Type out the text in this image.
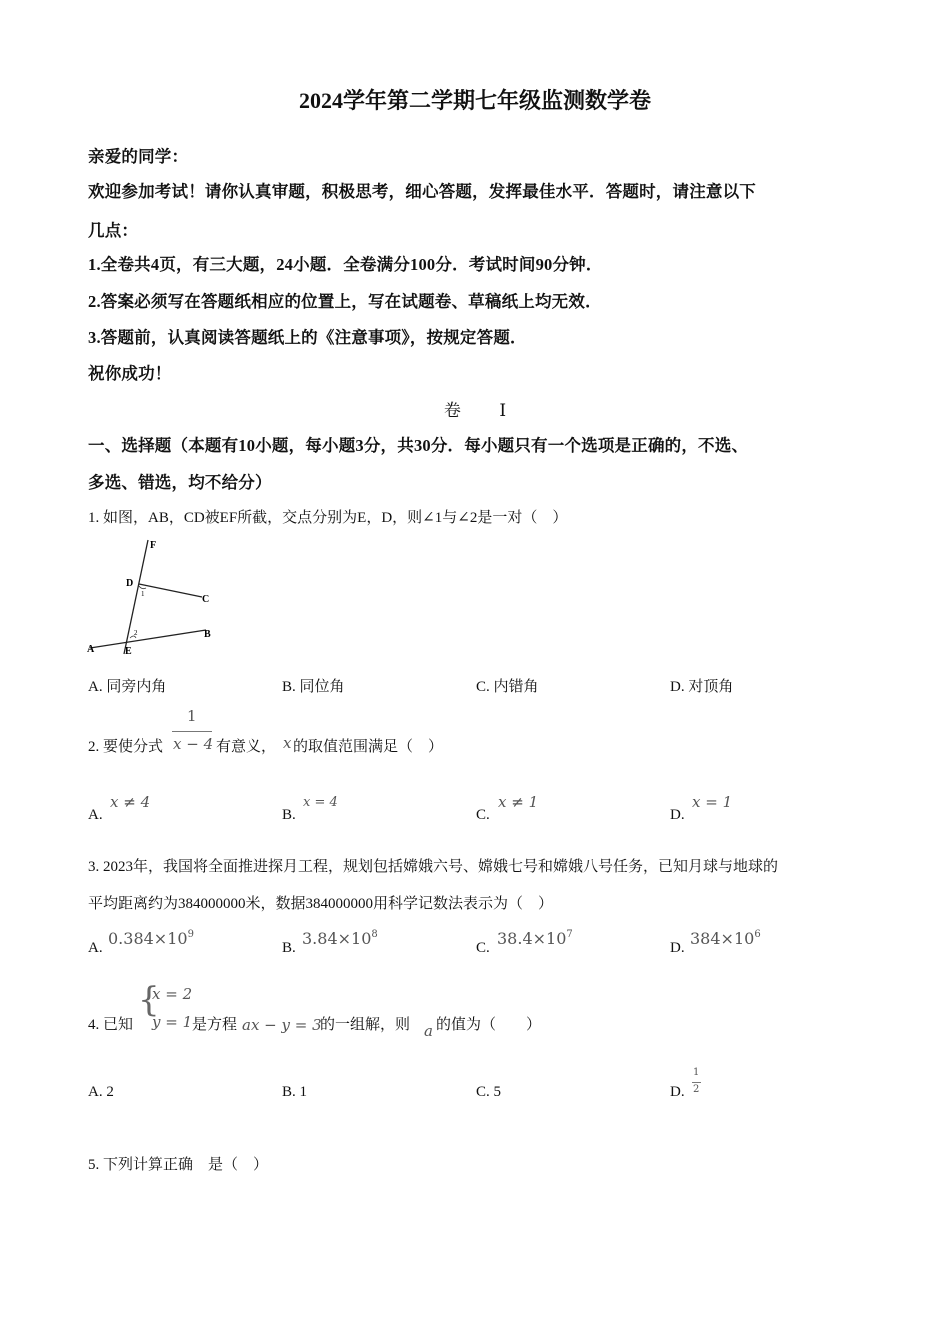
2024学年第二学期七年级监测数学卷
亲爱的同学：
欢迎参加考试！请你认真审题，积极思考，细心答题，发挥最佳水平．答题时，请注意以下
几点：
1.全卷共4页，有三大题，24小题．全卷满分100分．考试时间90分钟．
2.答案必须写在答题纸相应的位置上，写在试题卷、草稿纸上均无效．
3.答题前，认真阅读答题纸上的《注意事项》，按规定答题．
祝你成功！
卷 Ⅰ
一、选择题（本题有10小题，每小题3分，共30分．每小题只有一个选项是正确的，不选、
多选、错选，均不给分）
1. 如图，AB，CD被EF所截，交点分别为E，D，则∠1与∠2是一对（　）
F
D
C
B
A	E
1
2
A. 同旁内角	B. 同位角	C. 内错角	D. 对顶角
2. 要使分式
1
x − 4 有意义， x 的取值范围满足（　）
A.
x ≠ 4
B.
x = 4
C.
x ≠ 1
D.
x = 1
3. 2023年，我国将全面推进探月工程，规划包括嫦娥六号、嫦娥七号和嫦娥八号任务，已知月球与地球的
平均距离约为384000000米，数据384000000用科学记数法表示为（　）
A. $0.384\times 10^9$
B. $3.84\times 10^8$
C. $38.4\times 10^7$
D. $384\times 10^6$
4. 已知
{
x = 2
y = 1 是方程 ax − y = 3
的一组解，则 a 的值为（　　）
A. 2	B. 1	C. 5	D.
1
2
5. 下列计算正确　是（　）
